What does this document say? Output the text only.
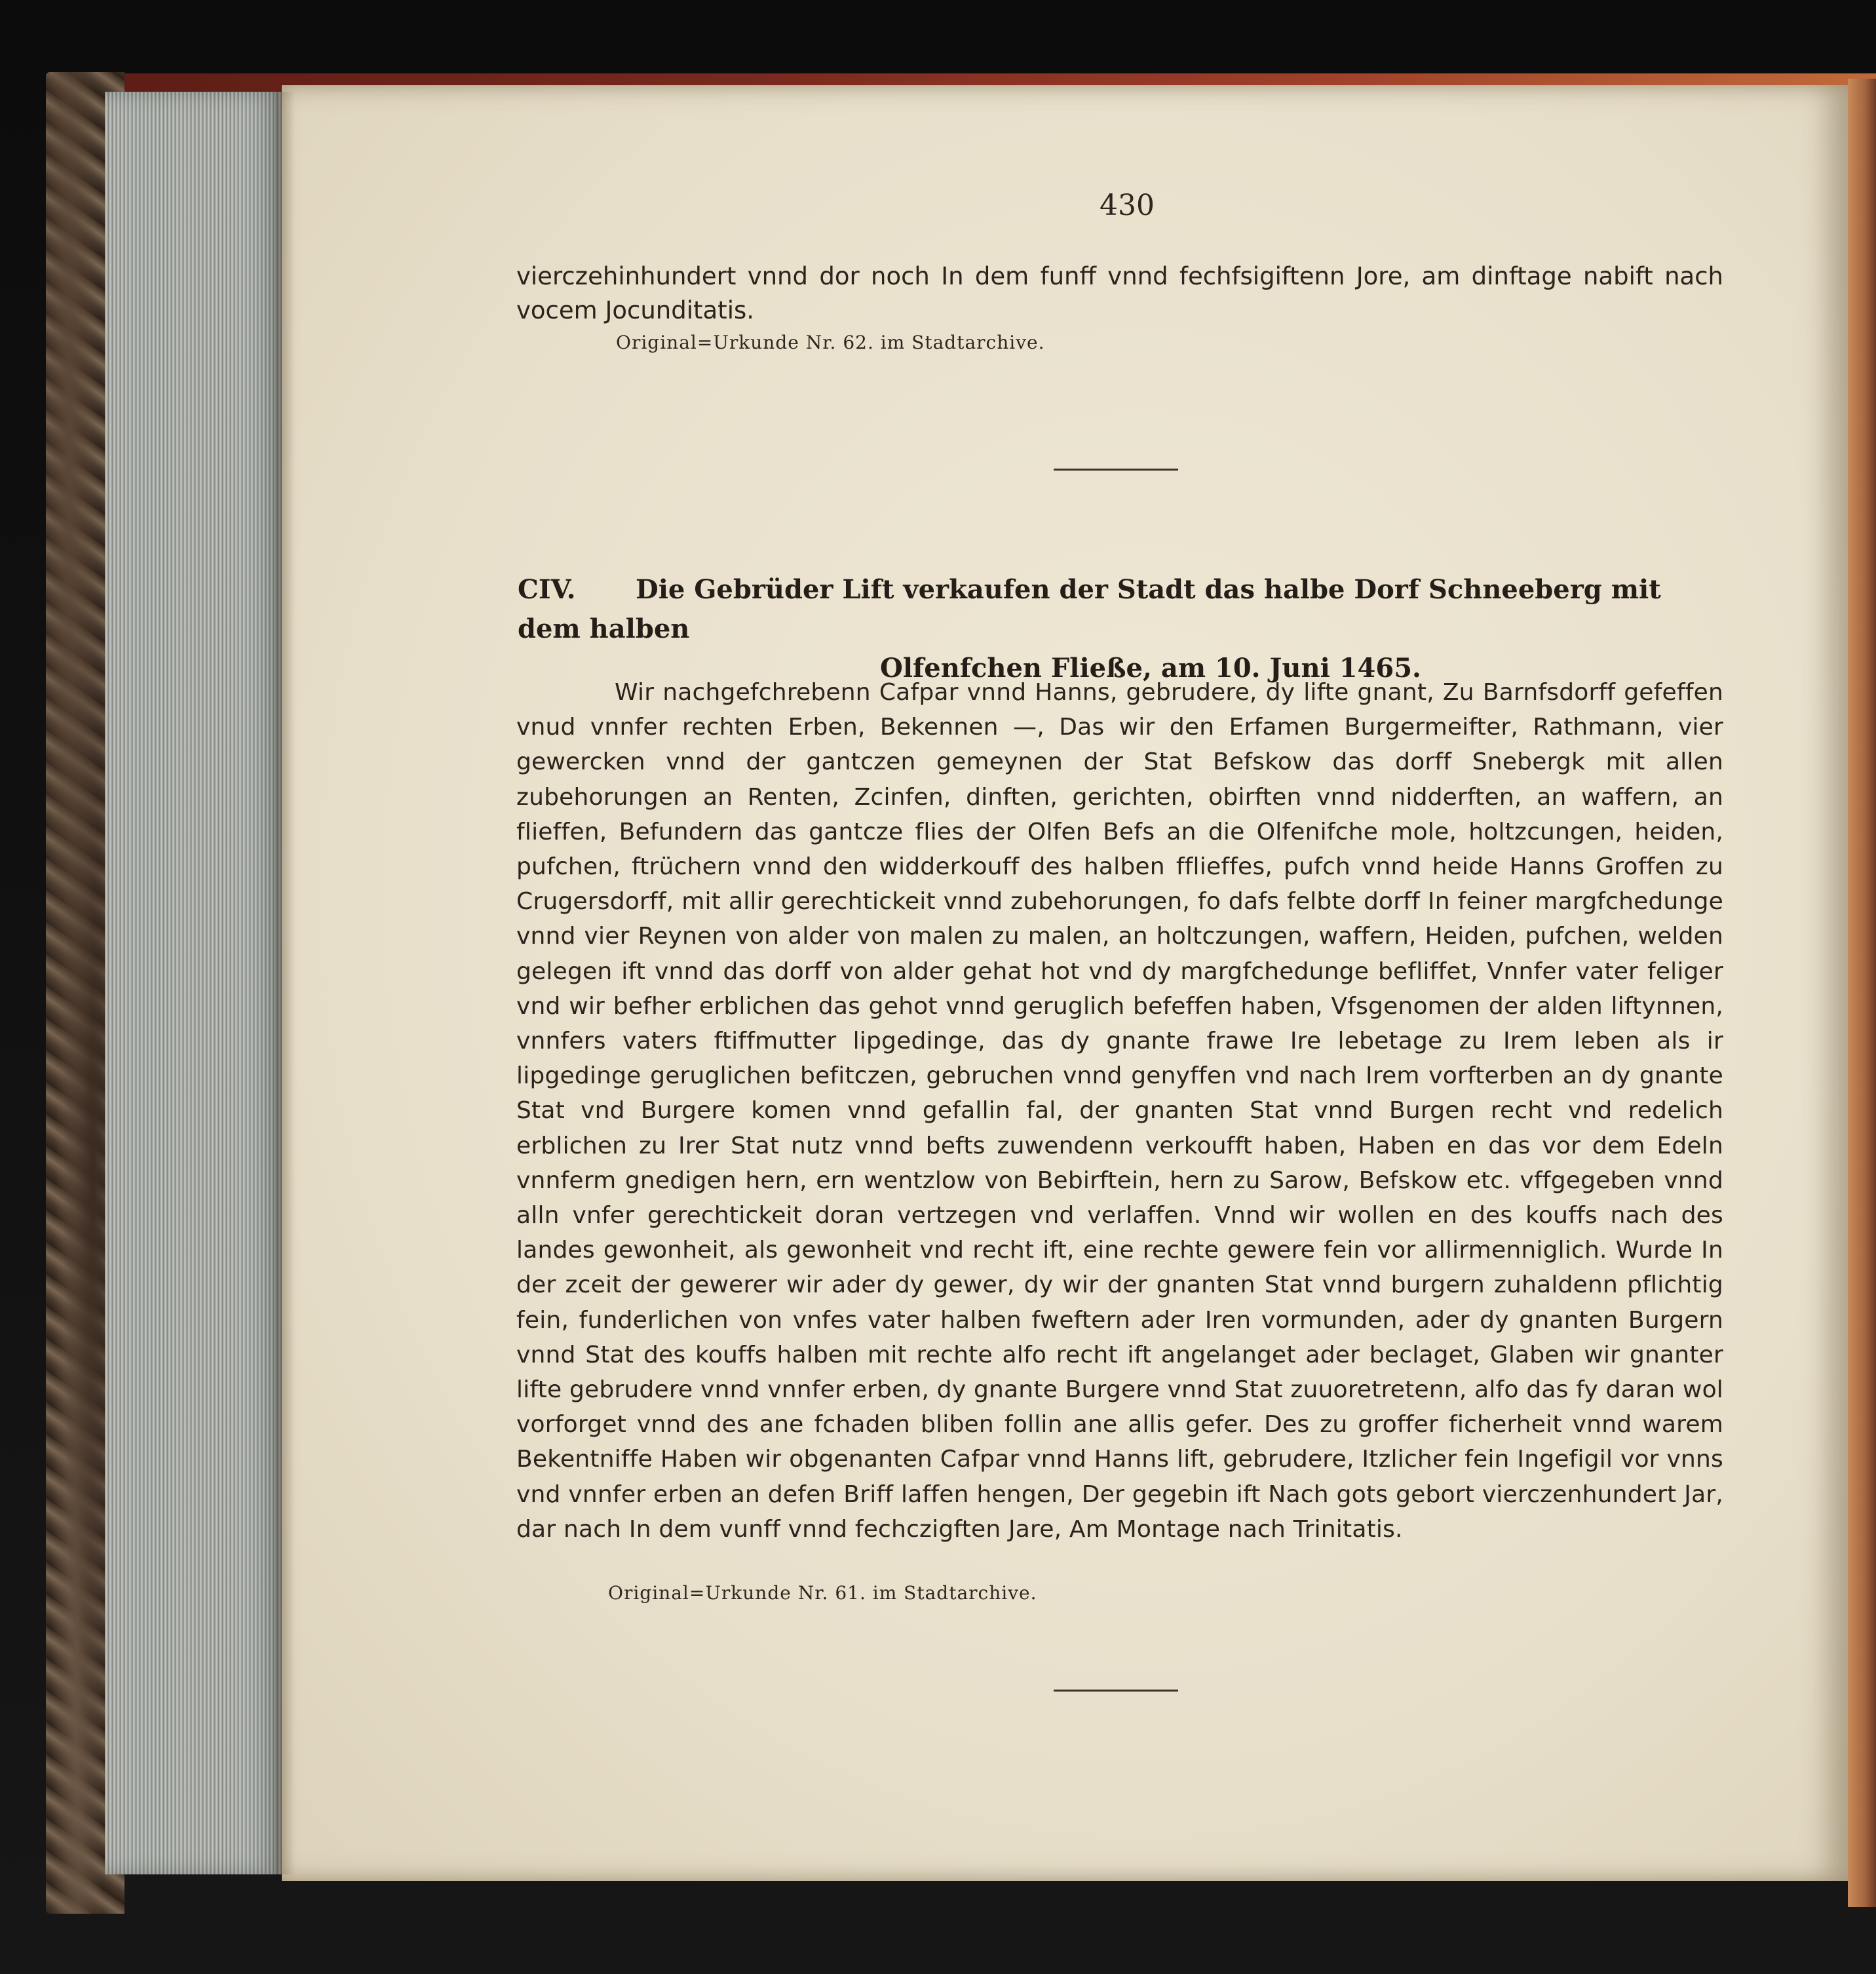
430
vierczehinhundert vnnd dor noch In dem funff vnnd fechfsigiftenn Jore, am dinftage nabift nach vocem Jocunditatis.
Original=Urkunde Nr. 62. im Stadtarchive.
CIV. Die Gebrüder Lift verkaufen der Stadt das halbe Dorf Schneeberg mit dem halben
Olfenfchen Fließe, am 10. Juni 1465.
Wir nachgefchrebenn Cafpar vnnd Hanns, gebrudere, dy lifte gnant, Zu Barnfsdorff gefeffen vnud vnnfer rechten Erben, Bekennen —, Das wir den Erfamen Burgermeifter, Rathmann, vier gewercken vnnd der gantczen gemeynen der Stat Befskow das dorff Snebergk mit allen zubehorungen an Renten, Zcinfen, dinften, gerichten, obirften vnnd nidderften, an waffern, an flieffen, Befundern das gantcze flies der Olfen Befs an die Olfenifche mole, holtzcungen, heiden, pufchen, ftrüchern vnnd den widderkouff des halben fflieffes, pufch vnnd heide Hanns Groffen zu Crugersdorff, mit allir gerechtickeit vnnd zubehorungen, fo dafs felbte dorff In feiner margfchedunge vnnd vier Reynen von alder von malen zu malen, an holtczungen, waffern, Heiden, pufchen, welden gelegen ift vnnd das dorff von alder gehat hot vnd dy margfchedunge befliffet, Vnnfer vater feliger vnd wir befher erblichen das gehot vnnd geruglich befeffen haben, Vfsgenomen der alden liftynnen, vnnfers vaters ftiffmutter lipgedinge, das dy gnante frawe Ire lebetage zu Irem leben als ir lipgedinge geruglichen befitczen, gebruchen vnnd genyffen vnd nach Irem vorfterben an dy gnante Stat vnd Burgere komen vnnd gefallin fal, der gnanten Stat vnnd Burgen recht vnd redelich erblichen zu Irer Stat nutz vnnd befts zuwendenn verkoufft haben, Haben en das vor dem Edeln vnnferm gnedigen hern, ern wentzlow von Bebirftein, hern zu Sarow, Befskow etc. vffgegeben vnnd alln vnfer gerechtickeit doran vertzegen vnd verlaffen. Vnnd wir wollen en des kouffs nach des landes gewonheit, als gewonheit vnd recht ift, eine rechte gewere fein vor allirmenniglich. Wurde In der zceit der gewerer wir ader dy gewer, dy wir der gnanten Stat vnnd burgern zuhaldenn pflichtig fein, funderlichen von vnfes vater halben fweftern ader Iren vormunden, ader dy gnanten Burgern vnnd Stat des kouffs halben mit rechte alfo recht ift angelanget ader beclaget, Glaben wir gnanter lifte gebrudere vnnd vnnfer erben, dy gnante Burgere vnnd Stat zuuoretretenn, alfo das fy daran wol vorforget vnnd des ane fchaden bliben follin ane allis gefer. Des zu groffer ficherheit vnnd warem Bekentniffe Haben wir obgenanten Cafpar vnnd Hanns lift, gebrudere, Itzlicher fein Ingefigil vor vnns vnd vnnfer erben an defen Briff laffen hengen, Der gegebin ift Nach gots gebort vierczenhundert Jar, dar nach In dem vunff vnnd fechczigften Jare, Am Montage nach Trinitatis.
Original=Urkunde Nr. 61. im Stadtarchive.
